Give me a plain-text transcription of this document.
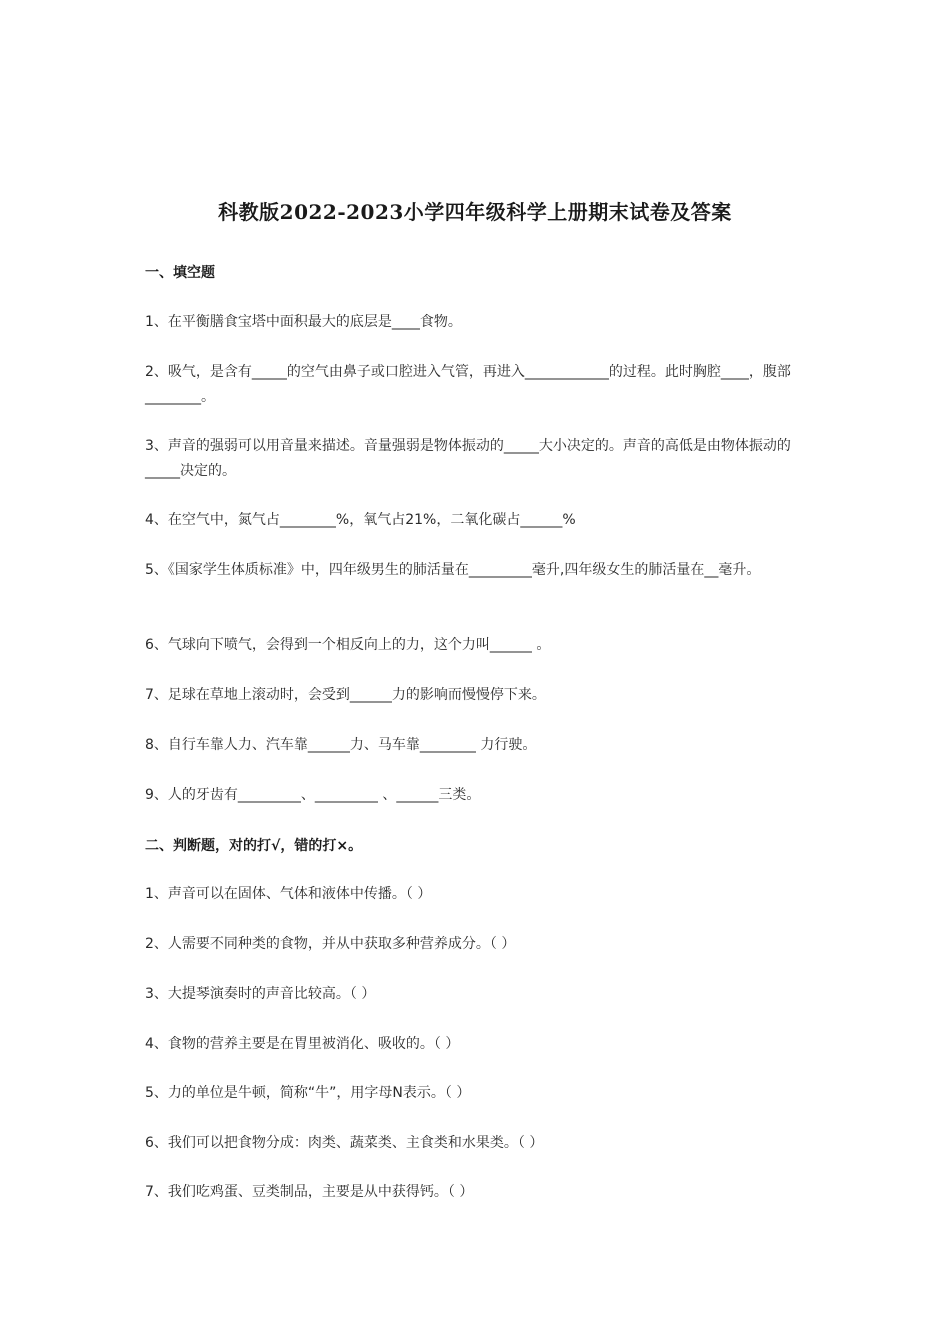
科教版2022-2023小学四年级科学上册期末试卷及答案
一、填空题
1、在平衡膳食宝塔中面积最大的底层是____食物。
2、吸气，是含有_____的空气由鼻子或口腔进入气管，再进入____________的过程。此时胸腔____，腹部________。
3、声音的强弱可以用音量来描述。音量强弱是物体振动的_____大小决定的。声音的高低是由物体振动的_____决定的。
4、在空气中，氮气占________%，氧气占21%，二氧化碳占______%
5、《国家学生体质标准》中，四年级男生的肺活量在_________毫升,四年级女生的肺活量在__毫升。
6、气球向下喷气，会得到一个相反向上的力，这个力叫______ 。
7、足球在草地上滚动时，会受到______力的影响而慢慢停下来。
8、自行车靠人力、汽车靠______力、马车靠________ 力行驶。
9、人的牙齿有_________、_________ 、______三类。
二、判断题，对的打√，错的打×。
1、声音可以在固体、气体和液体中传播。（ ）
2、人需要不同种类的食物，并从中获取多种营养成分。（ ）
3、大提琴演奏时的声音比较高。（ ）
4、食物的营养主要是在胃里被消化、吸收的。（ ）
5、力的单位是牛顿，简称“牛”，用字母N表示。（ ）
6、我们可以把食物分成：肉类、蔬菜类、主食类和水果类。（ ）
7、我们吃鸡蛋、豆类制品，主要是从中获得钙。（ ）
